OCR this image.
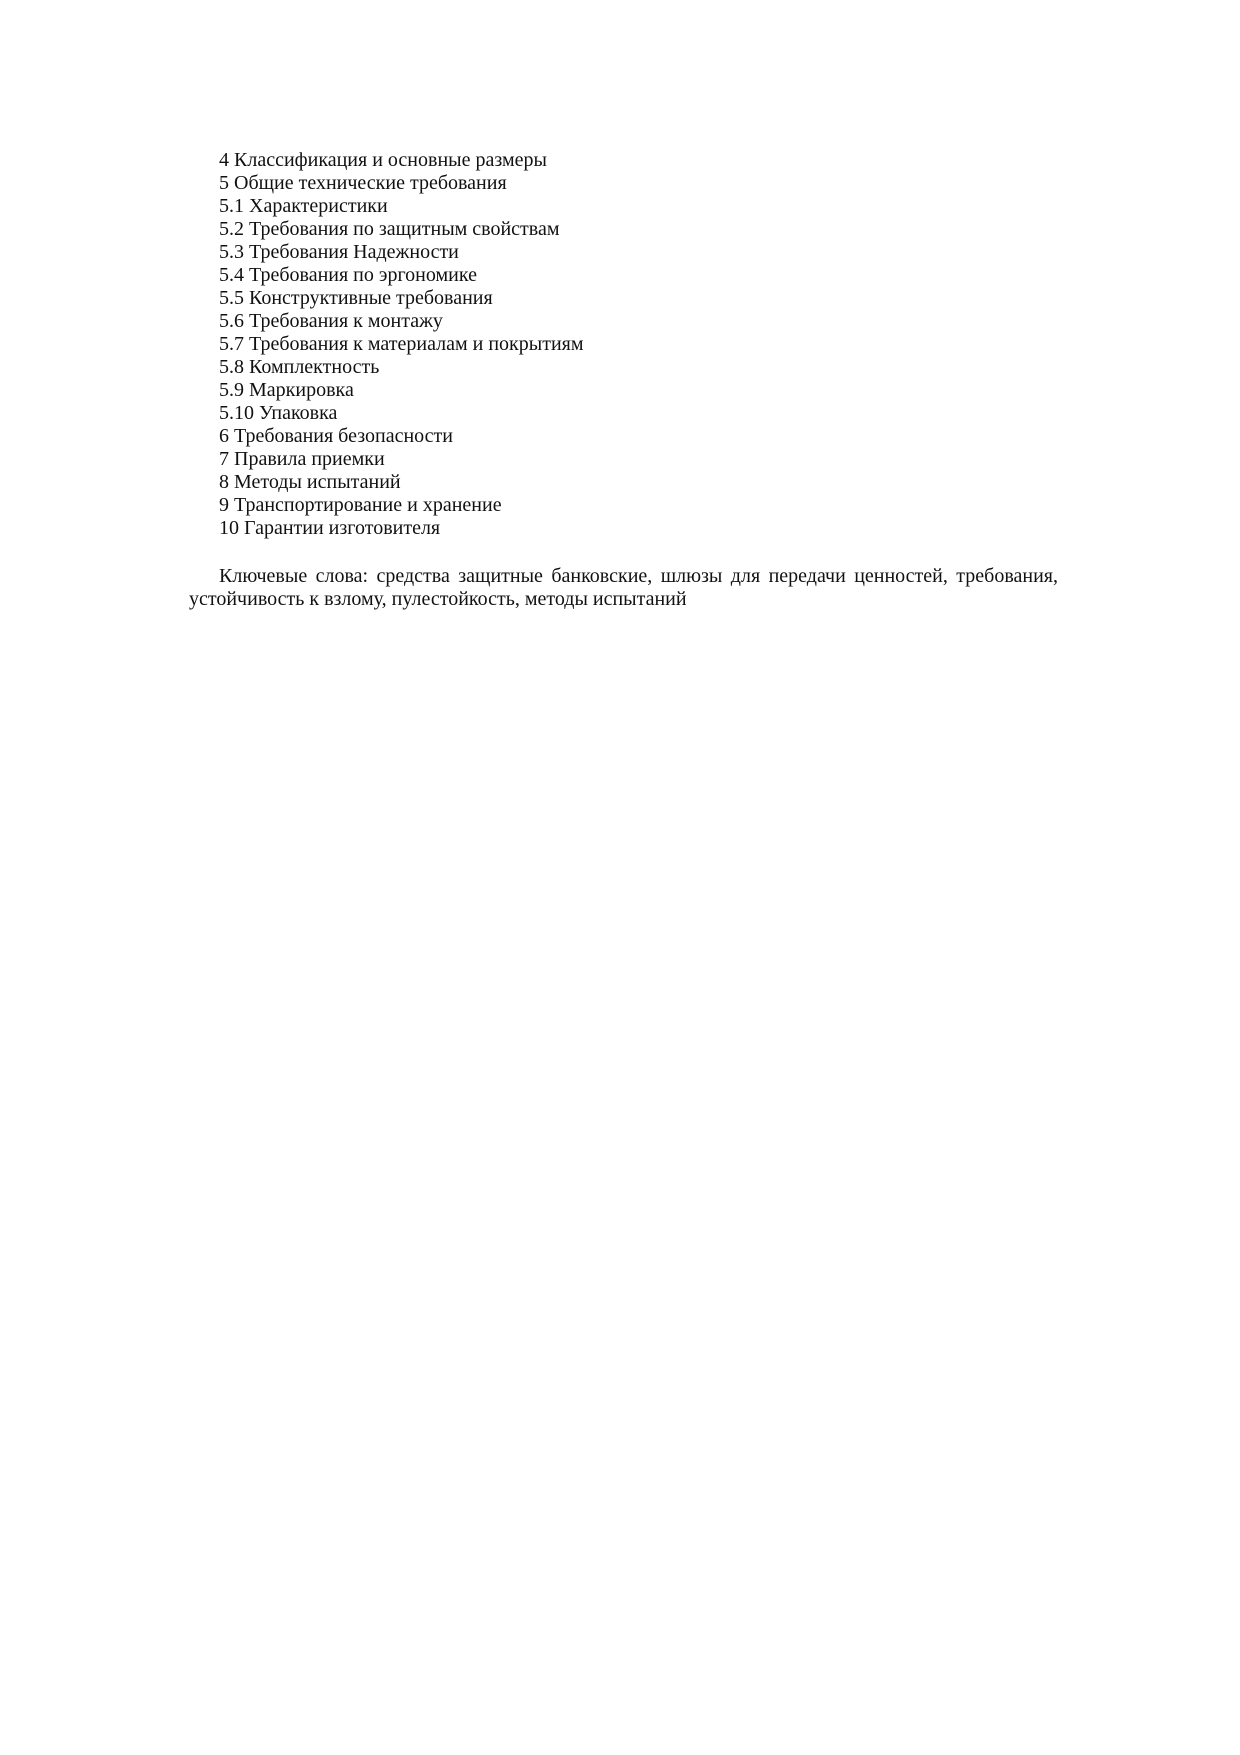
4 Классификация и основные размеры
5 Общие технические требования
5.1 Характеристики
5.2 Требования по защитным свойствам
5.3 Требования Надежности
5.4 Требования по эргономике
5.5 Конструктивные требования
5.6 Требования к монтажу
5.7 Требования к материалам и покрытиям
5.8 Комплектность
5.9 Маркировка
5.10 Упаковка
6 Требования безопасности
7 Правила приемки
8 Методы испытаний
9 Транспортирование и хранение
10 Гарантии изготовителя

Ключевые слова: средства защитные банковские, шлюзы для передачи ценностей, требования, устойчивость к взлому, пулестойкость, методы испытаний
